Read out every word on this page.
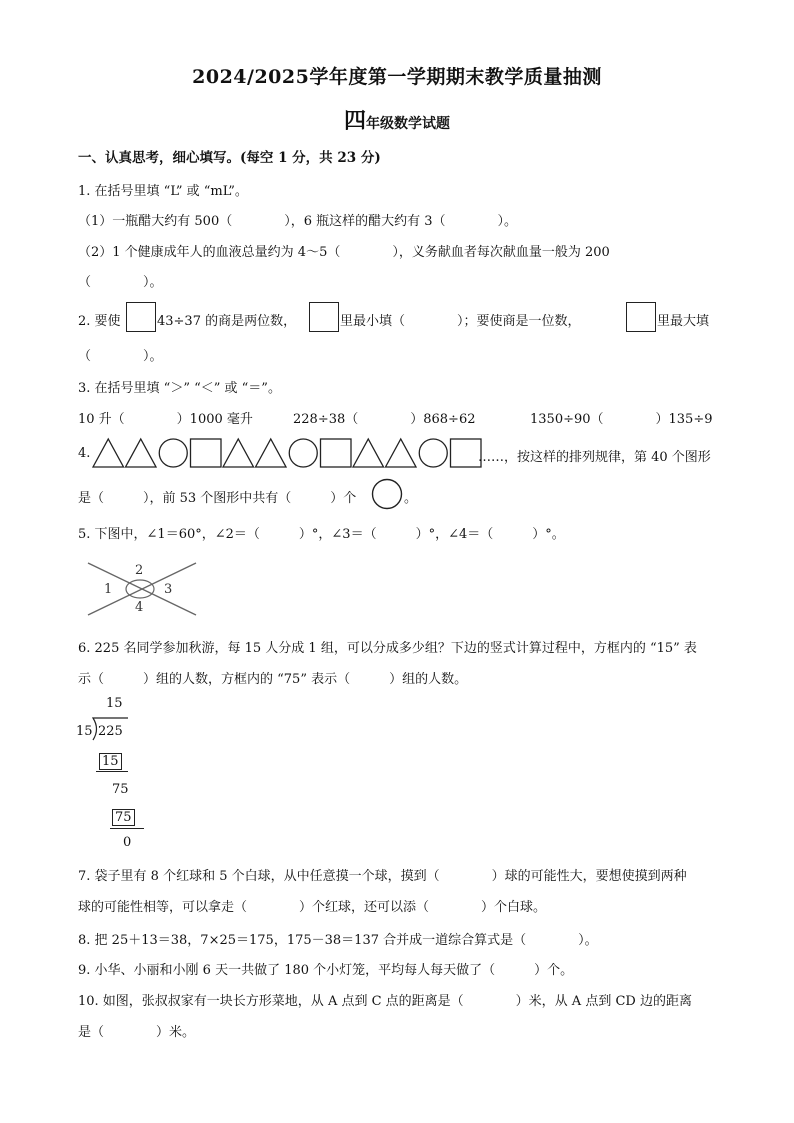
2024/2025学年度第一学期期末教学质量抽测
四年级数学试题
一、认真思考，细心填写。(每空 1 分，共 23 分)
1. 在括号里填 “L” 或 “mL”。
（1）一瓶醋大约有 500（　　　　），6 瓶这样的醋大约有 3（　　　　）。
（2）1 个健康成年人的血液总量约为 4～5（　　　　），义务献血者每次献血量一般为 200
（　　　　）。
2. 要使	43÷37 的商是两位数，	里最小填（　　　　）；要使商是一位数，	里最大填
（　　　　）。
3. 在括号里填 “＞” “＜” 或 “＝”。
10 升（　　　　）1000 毫升	228÷38（　　　　）868÷62	1350÷90（　　　　）135÷9
4.	……，按这样的排列规律，第 40 个图形
是（　　　），前 53 个图形中共有（　　　）个	。
5. 下图中，∠1＝60°，∠2＝（　　　）°，∠3＝（　　　）°，∠4＝（　　　）°。
1
2
3
4
6. 225 名同学参加秋游，每 15 人分成 1 组，可以分成多少组？下边的竖式计算过程中，方框内的 “15” 表
示（　　　）组的人数，方框内的 “75” 表示（　　　）组的人数。
15
15 225
15
75
75
0
7. 袋子里有 8 个红球和 5 个白球，从中任意摸一个球，摸到（　　　　）球的可能性大，要想使摸到两种
球的可能性相等，可以拿走（　　　　）个红球，还可以添（　　　　）个白球。
8. 把 25＋13＝38，7×25＝175，175－38＝137 合并成一道综合算式是（　　　　）。
9. 小华、小丽和小刚 6 天一共做了 180 个小灯笼，平均每人每天做了（　　　）个。
10. 如图，张叔叔家有一块长方形菜地，从 A 点到 C 点的距离是（　　　　）米，从 A 点到 CD 边的距离
是（　　　　）米。
